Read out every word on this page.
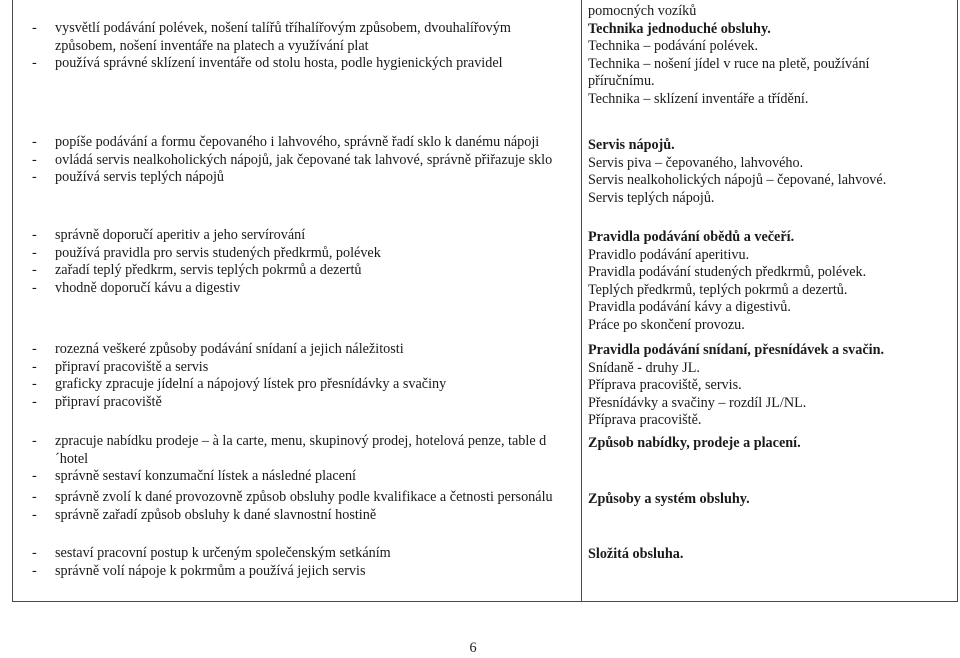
- vysvětlí podávání polévek, nošení talířů tříhalířovým způsobem, dvouhalířovým způsobem, nošení inventáře na platech a využívání plat
- používá správné sklízení inventáře od stolu hosta, podle hygienických pravidel
- popíše podávání a formu čepovaného i lahvového, správně řadí sklo k danému nápoji
- ovládá servis nealkoholických nápojů, jak čepované tak lahvové, správně přiřazuje sklo
- používá servis teplých nápojů
- správně doporučí aperitiv a jeho servírování
- používá pravidla pro servis studených předkrmů, polévek
- zařadí teplý předkrm, servis teplých pokrmů a dezertů
- vhodně doporučí kávu a digestiv
- rozezná veškeré způsoby podávání snídaní a jejich náležitosti
- připraví pracoviště a servis
- graficky zpracuje jídelní a nápojový lístek pro přesnídávky a svačiny
- připraví pracoviště
- zpracuje nabídku prodeje – à la carte, menu, skupinový prodej, hotelová penze, table d´hotel
- správně sestaví konzumační lístek a následné placení
- správně zvolí k dané provozovně způsob obsluhy podle kvalifikace a četnosti personálu
- správně zařadí způsob obsluhy k dané slavnostní hostině
- sestaví pracovní postup k určeným společenským setkáním
- správně volí nápoje k pokrmům a používá jejich servis
pomocných vozíků
Technika jednoduché obsluhy.
Technika – podávání polévek.
Technika – nošení jídel v ruce na pletě, používání
příručnímu.
Technika – sklízení inventáře a třídění.
Servis nápojů.
Servis piva – čepovaného, lahvového.
Servis nealkoholických nápojů – čepované, lahvové.
Servis teplých nápojů.
Pravidla podávání obědů a večeří.
Pravidlo podávání aperitivu.
Pravidla podávání studených předkrmů, polévek.
Teplých předkrmů, teplých pokrmů a dezertů.
Pravidla podávání kávy a digestivů.
Práce po skončení provozu.
Pravidla podávání snídaní, přesnídávek a svačin.
Snídaně - druhy JL.
Příprava pracoviště, servis.
Přesnídávky a svačiny – rozdíl JL/NL.
Příprava pracoviště.
Způsob nabídky, prodeje a placení.
Způsoby a systém obsluhy.
Složitá obsluha.
6
